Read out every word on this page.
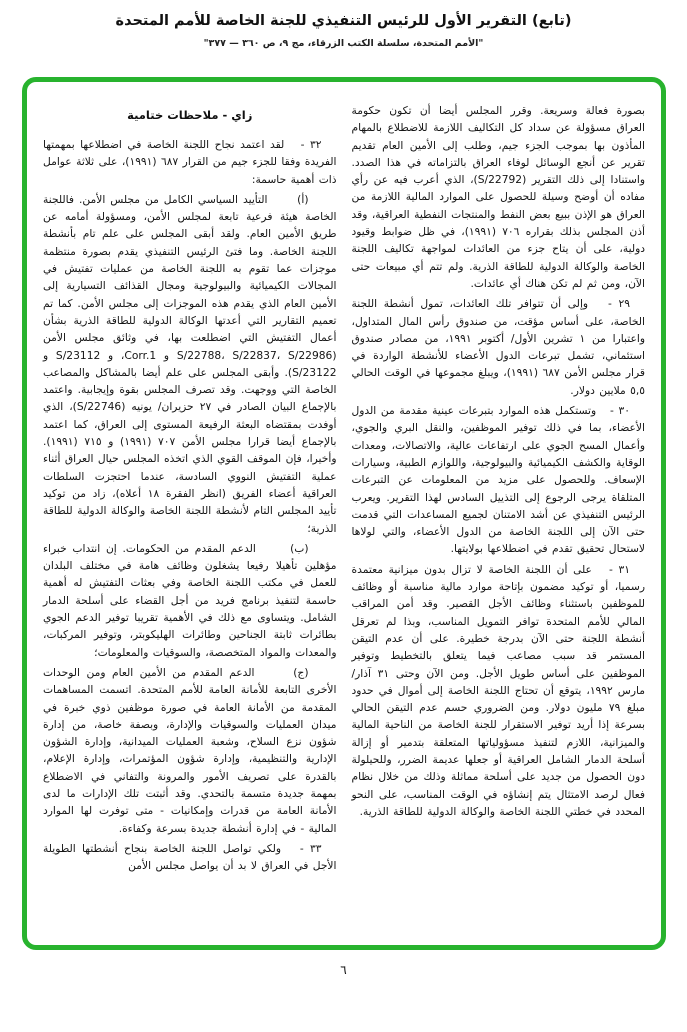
(تابع) التقرير الأول للرئيس التنفيذي للجنة الخاصة للأمم المتحدة
"الأمم المتحدة، سلسلة الكتب الزرقاء، مج ٩، ص ٣٦٠ — ٣٧٧"

بصورة فعالة وسريعة. وقرر المجلس أيضا أن تكون حكومة العراق مسؤولة عن سداد كل التكاليف اللازمة للاضطلاع بالمهام المأذون بها بموجب الجزء جيم، وطلب إلى الأمين العام تقديم تقرير عن أنجع الوسائل لوفاء العراق بالتزاماته في هذا الصدد. واستنادا إلى ذلك التقرير (S/22792)، الذي أعرب فيه عن رأي مفاده أن أوضح وسيلة للحصول على الموارد المالية اللازمة من العراق هو الإذن ببيع بعض النفط والمنتجات النفطية العراقية، وقد أذن المجلس بذلك بقراره ٧٠٦ (١٩٩١)، في ظل ضوابط وقيود دولية، على أن يتاح جزء من العائدات لمواجهة تكاليف اللجنة الخاصة والوكالة الدولية للطاقة الذرية. ولم تتم أي مبيعات حتى الآن، ومن ثم لم تكن هناك أي عائدات.

٢٩ -   وإلى أن تتوافر تلك العائدات، تمول أنشطة اللجنة الخاصة، على أساس مؤقت، من صندوق رأس المال المتداول، واعتبارا من ١ تشرين الأول/ أكتوبر ١٩٩١، من مصادر صندوق استئماني، تشمل تبرعات الدول الأعضاء للأنشطة الواردة في قرار مجلس الأمن ٦٨٧ (١٩٩١)، ويبلغ مجموعها في الوقت الحالي ٥,٥ ملايين دولار.

٣٠ -   وتستكمل هذه الموارد بتبرعات عينية مقدمة من الدول الأعضاء، بما في ذلك توفير الموظفين، والنقل البري والجوي، وأعمال المسح الجوي على ارتفاعات عالية، والاتصالات، ومعدات الوقاية والكشف الكيميائية والبيولوجية، واللوازم الطبية، وسيارات الإسعاف. وللحصول على مزيد من المعلومات عن التبرعات المتلقاة يرجى الرجوع إلى التذييل السادس لهذا التقرير. ويعرب الرئيس التنفيذي عن أشد الامتنان لجميع المساعدات التي قدمت حتى الآن إلى اللجنة الخاصة من الدول الأعضاء، والتي لولاها لاستحال تحقيق تقدم في اضطلاعها بولايتها.

٣١ -   على أن اللجنة الخاصة لا تزال بدون ميزانية معتمدة رسميا، أو توكيد مضمون بإتاحة موارد مالية مناسبة أو وظائف للموظفين باستثناء وظائف الأجل القصير. وقد أمن المراقب المالي للأمم المتحدة توافر التمويل المناسب، وبذا لم تعرقل أنشطة اللجنة حتى الآن بدرجة خطيرة. على أن عدم التيقن المستمر قد سبب مصاعب فيما يتعلق بالتخطيط وتوفير الموظفين على أساس طويل الأجل. ومن الآن وحتى ٣١ آذار/ مارس ١٩٩٢، يتوقع أن تحتاج اللجنة الخاصة إلى أموال في حدود مبلغ ٧٩ مليون دولار. ومن الضروري حسم عدم التيقن الحالي بسرعة إذا أريد توفير الاستقرار للجنة الخاصة من الناحية المالية والميزانية، اللازم لتنفيذ مسؤولياتها المتعلقة بتدمير أو إزالة أسلحة الدمار الشامل العراقية أو جعلها عديمة الضرر، وللحيلولة دون الحصول من جديد على أسلحة مماثلة وذلك من خلال نظام فعال لرصد الامتثال يتم إنشاؤه في الوقت المناسب، على النحو المحدد في خطتي اللجنة الخاصة والوكالة الدولية للطاقة الذرية.

زاي - ملاحظات ختامية

٣٢ -   لقد اعتمد نجاح اللجنة الخاصة في اضطلاعها بمهمتها الفريدة وفقا للجزء جيم من القرار ٦٨٧ (١٩٩١)، على ثلاثة عوامل ذات أهمية حاسمة:

(أ)      التأييد السياسي الكامل من مجلس الأمن. فاللجنة الخاصة هيئة فرعية تابعة لمجلس الأمن، ومسؤولة أمامه عن طريق الأمين العام. ولقد أبقى المجلس على علم تام بأنشطة اللجنة الخاصة. وما فتئ الرئيس التنفيذي يقدم بصورة منتظمة موجزات عما تقوم به اللجنة الخاصة من عمليات تفتيش في المجالات الكيميائية والبيولوجية ومجال القذائف التسيارية إلى الأمين العام الذي يقدم هذه الموجزات إلى مجلس الأمن. كما تم تعميم التقارير التي أعدتها الوكالة الدولية للطاقة الذرية بشأن أعمال التفتيش التي اضطلعت بها، في وثائق مجلس الأمن (S/22788، S/22837، S/22986 و Corr.1، و S/23112 و S/23122). وأبقى المجلس على علم أيضا بالمشاكل والمصاعب الخاصة التي ووجهت. وقد تصرف المجلس بقوة وإيجابية. واعتمد بالإجماع البيان الصادر في ٢٧ حزيران/ يونيه (S/22746)، الذي أوفدت بمقتضاه البعثة الرفيعة المستوى إلى العراق، كما اعتمد بالإجماع أيضا قرارا مجلس الأمن ٧٠٧ (١٩٩١) و ٧١٥ (١٩٩١). وأخيرا، فإن الموقف القوي الذي اتخذه المجلس حيال العراق أثناء عملية التفتيش النووي السادسة، عندما احتجزت السلطات العراقية أعضاء الفريق (انظر الفقرة ١٨ أعلاه)، زاد من توكيد تأييد المجلس التام لأنشطة اللجنة الخاصة والوكالة الدولية للطاقة الذرية؛

(ب)      الدعم المقدم من الحكومات. إن انتداب خبراء مؤهلين تأهيلا رفيعا يشغلون وظائف هامة في مختلف البلدان للعمل في مكتب اللجنة الخاصة وفي بعثات التفتيش له أهمية حاسمة لتنفيذ برنامج فريد من أجل القضاء على أسلحة الدمار الشامل. ويتساوى مع ذلك في الأهمية تقريبا توفير الدعم الجوي بطائرات ثابتة الجناحين وطائرات الهليكوبتر، وتوفير المركبات، والمعدات والمواد المتخصصة، والسوقيات والمعلومات؛

(ج)      الدعم المقدم من الأمين العام ومن الوحدات الأخرى التابعة للأمانة العامة للأمم المتحدة. اتسمت المساهمات المقدمة من الأمانة العامة في صورة موظفين ذوي خبرة في ميدان العمليات والسوقيات والإدارة، وبصفة خاصة، من إدارة شؤون نزع السلاح، وشعبة العمليات الميدانية، وإدارة الشؤون الإدارية والتنظيمية، وإدارة شؤون المؤتمرات، وإدارة الإعلام، بالقدرة على تصريف الأمور والمرونة والتفاني في الاضطلاع بمهمة جديدة متسمة بالتحدي. وقد أثبتت تلك الإدارات ما لدى الأمانة العامة من قدرات وإمكانيات - متى توفرت لها الموارد المالية - في إدارة أنشطة جديدة بسرعة وكفاءة.

٣٣ -   ولكي تواصل اللجنة الخاصة بنجاح أنشطتها الطويلة الأجل في العراق لا بد أن يواصل مجلس الأمن

٦
